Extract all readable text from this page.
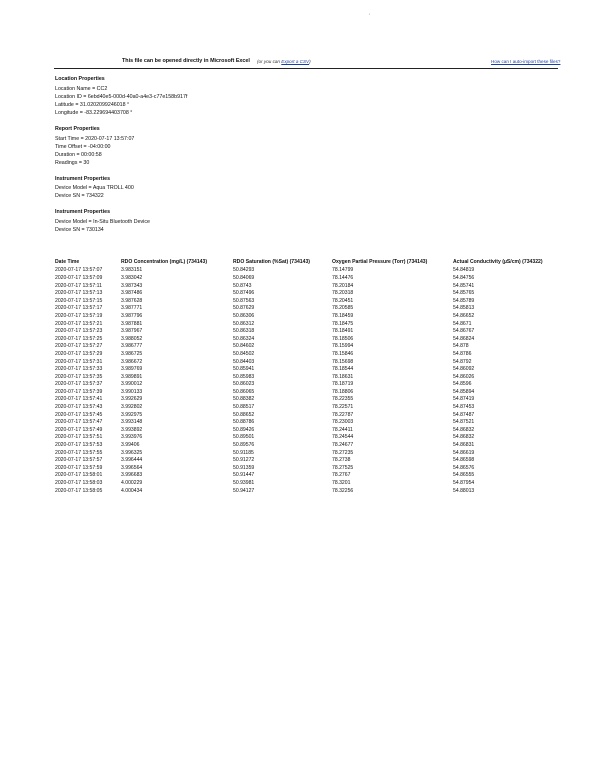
'
This file can be opened directly in Microsoft Excel (or you can Export a CSV)	How can I auto-import these files?
Location Properties
Location Name = CC2
Location ID = 6ebd40e5-000d-40a0-a4e3-c77e158b917f
Latitude = 31.0202099246018 °
Longitude = -83.229694403708 °
Report Properties
Start Time = 2020-07-17 13:57:07
Time Offset = -04:00:00
Duration = 00:00:58
Readings = 30
Instrument Properties
Device Model = Aqua TROLL 400
Device SN = 734322
Instrument Properties
Device Model = In-Situ Bluetooth Device
Device SN = 730134
Date Time	RDO Concentration (mg/L) (734143)	RDO Saturation (%Sat) (734143)	Oxygen Partial Pressure (Torr) (734143)	Actual Conductivity (µS/cm) (734322)
2020-07-17 13:57:07	3.983151	50.84293	78.14799	54.84819
2020-07-17 13:57:09	3.983042	50.84069	78.14476	54.84756
2020-07-17 13:57:11	3.987343	50.8743	78.20184	54.85741
2020-07-17 13:57:13	3.987486	50.87496	78.20318	54.85765
2020-07-17 13:57:15	3.987628	50.87563	78.20451	54.85789
2020-07-17 13:57:17	3.987771	50.87629	78.20585	54.85813
2020-07-17 13:57:19	3.987796	50.86306	78.18459	54.86652
2020-07-17 13:57:21	3.987881	50.86312	78.18475	54.8671
2020-07-17 13:57:23	3.987967	50.86318	78.18491	54.86767
2020-07-17 13:57:25	3.988052	50.86324	78.18506	54.86824
2020-07-17 13:57:27	3.986777	50.84602	78.15994	54.878
2020-07-17 13:57:29	3.986725	50.84502	78.15846	54.8786
2020-07-17 13:57:31	3.986672	50.84403	78.15698	54.8792
2020-07-17 13:57:33	3.989769	50.85941	78.18544	54.86092
2020-07-17 13:57:35	3.989891	50.85983	78.18631	54.86026
2020-07-17 13:57:37	3.990012	50.86023	78.18719	54.8596
2020-07-17 13:57:39	3.990133	50.86065	78.18806	54.85894
2020-07-17 13:57:41	3.992629	50.88382	78.22355	54.87419
2020-07-17 13:57:43	3.992802	50.88517	78.22571	54.87453
2020-07-17 13:57:45	3.992975	50.88652	78.22787	54.87487
2020-07-17 13:57:47	3.993148	50.88786	78.23003	54.87521
2020-07-17 13:57:49	3.993892	50.89426	78.24411	54.86832
2020-07-17 13:57:51	3.993976	50.89501	78.24544	54.86832
2020-07-17 13:57:53	3.99406	50.89576	78.24677	54.86831
2020-07-17 13:57:55	3.996325	50.91185	78.27235	54.86619
2020-07-17 13:57:57	3.996444	50.91272	78.2738	54.86598
2020-07-17 13:57:59	3.996564	50.91359	78.27525	54.86576
2020-07-17 13:58:01	3.996683	50.91447	78.2767	54.86555
2020-07-17 13:58:03	4.000229	50.93981	78.3201	54.87954
2020-07-17 13:58:05	4.000434	50.94127	78.32256	54.88013
